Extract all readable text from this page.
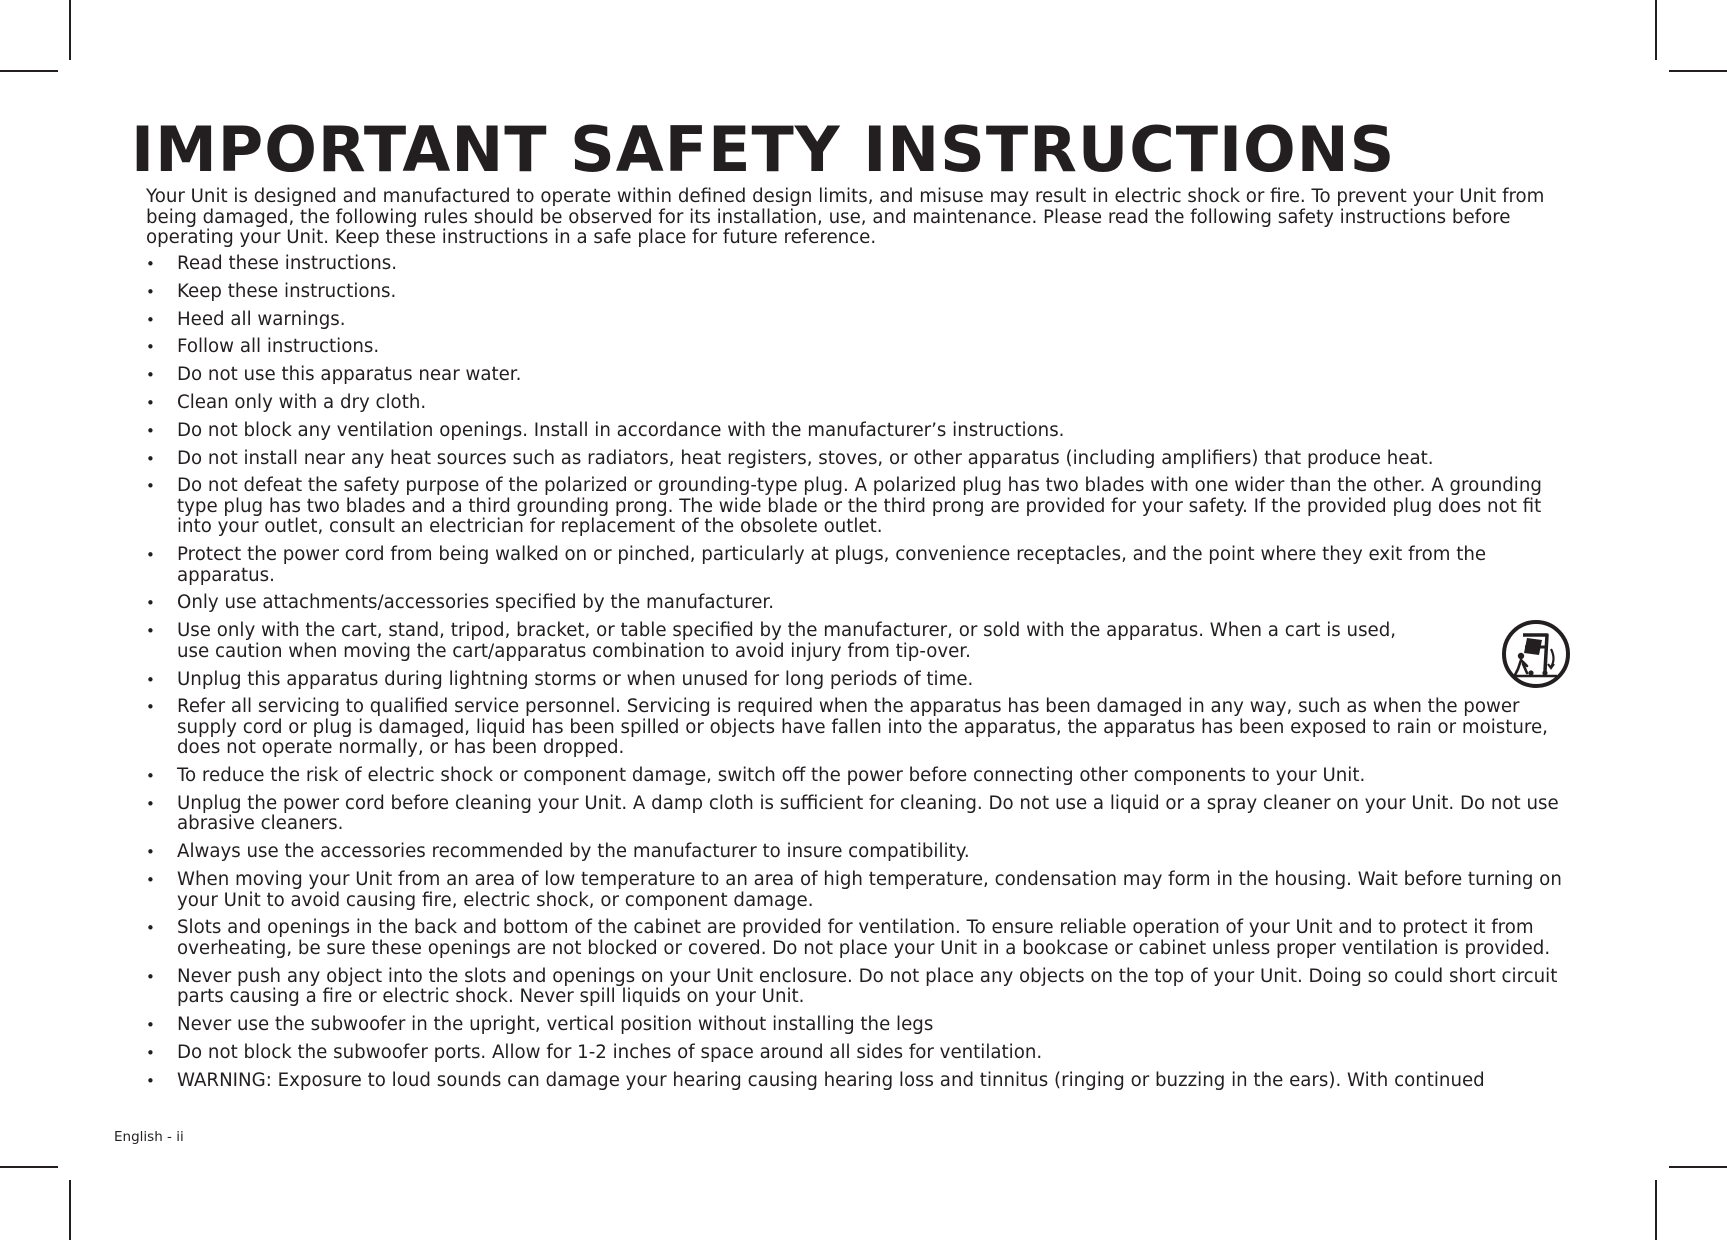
IMPORTANT SAFETY INSTRUCTIONS

Your Unit is designed and manufactured to operate within defined design limits, and misuse may result in electric shock or fire. To prevent your Unit from being damaged, the following rules should be observed for its installation, use, and maintenance. Please read the following safety instructions before operating your Unit. Keep these instructions in a safe place for future reference.

• Read these instructions.
• Keep these instructions.
• Heed all warnings.
• Follow all instructions.
• Do not use this apparatus near water.
• Clean only with a dry cloth.
• Do not block any ventilation openings. Install in accordance with the manufacturer’s instructions.
• Do not install near any heat sources such as radiators, heat registers, stoves, or other apparatus (including amplifiers) that produce heat.
• Do not defeat the safety purpose of the polarized or grounding-type plug. A polarized plug has two blades with one wider than the other. A grounding type plug has two blades and a third grounding prong. The wide blade or the third prong are provided for your safety. If the provided plug does not fit into your outlet, consult an electrician for replacement of the obsolete outlet.
• Protect the power cord from being walked on or pinched, particularly at plugs, convenience receptacles, and the point where they exit from the apparatus.
• Only use attachments/accessories specified by the manufacturer.
• Use only with the cart, stand, tripod, bracket, or table specified by the manufacturer, or sold with the apparatus. When a cart is used, use caution when moving the cart/apparatus combination to avoid injury from tip-over.
• Unplug this apparatus during lightning storms or when unused for long periods of time.
• Refer all servicing to qualified service personnel. Servicing is required when the apparatus has been damaged in any way, such as when the power supply cord or plug is damaged, liquid has been spilled or objects have fallen into the apparatus, the apparatus has been exposed to rain or moisture, does not operate normally, or has been dropped.
• To reduce the risk of electric shock or component damage, switch off the power before connecting other components to your Unit.
• Unplug the power cord before cleaning your Unit. A damp cloth is sufficient for cleaning. Do not use a liquid or a spray cleaner on your Unit. Do not use abrasive cleaners.
• Always use the accessories recommended by the manufacturer to insure compatibility.
• When moving your Unit from an area of low temperature to an area of high temperature, condensation may form in the housing. Wait before turning on your Unit to avoid causing fire, electric shock, or component damage.
• Slots and openings in the back and bottom of the cabinet are provided for ventilation. To ensure reliable operation of your Unit and to protect it from overheating, be sure these openings are not blocked or covered. Do not place your Unit in a bookcase or cabinet unless proper ventilation is provided.
• Never push any object into the slots and openings on your Unit enclosure. Do not place any objects on the top of your Unit. Doing so could short circuit parts causing a fire or electric shock. Never spill liquids on your Unit.
• Never use the subwoofer in the upright, vertical position without installing the legs
• Do not block the subwoofer ports. Allow for 1-2 inches of space around all sides for ventilation.
• WARNING: Exposure to loud sounds can damage your hearing causing hearing loss and tinnitus (ringing or buzzing in the ears). With continued

English - ii
